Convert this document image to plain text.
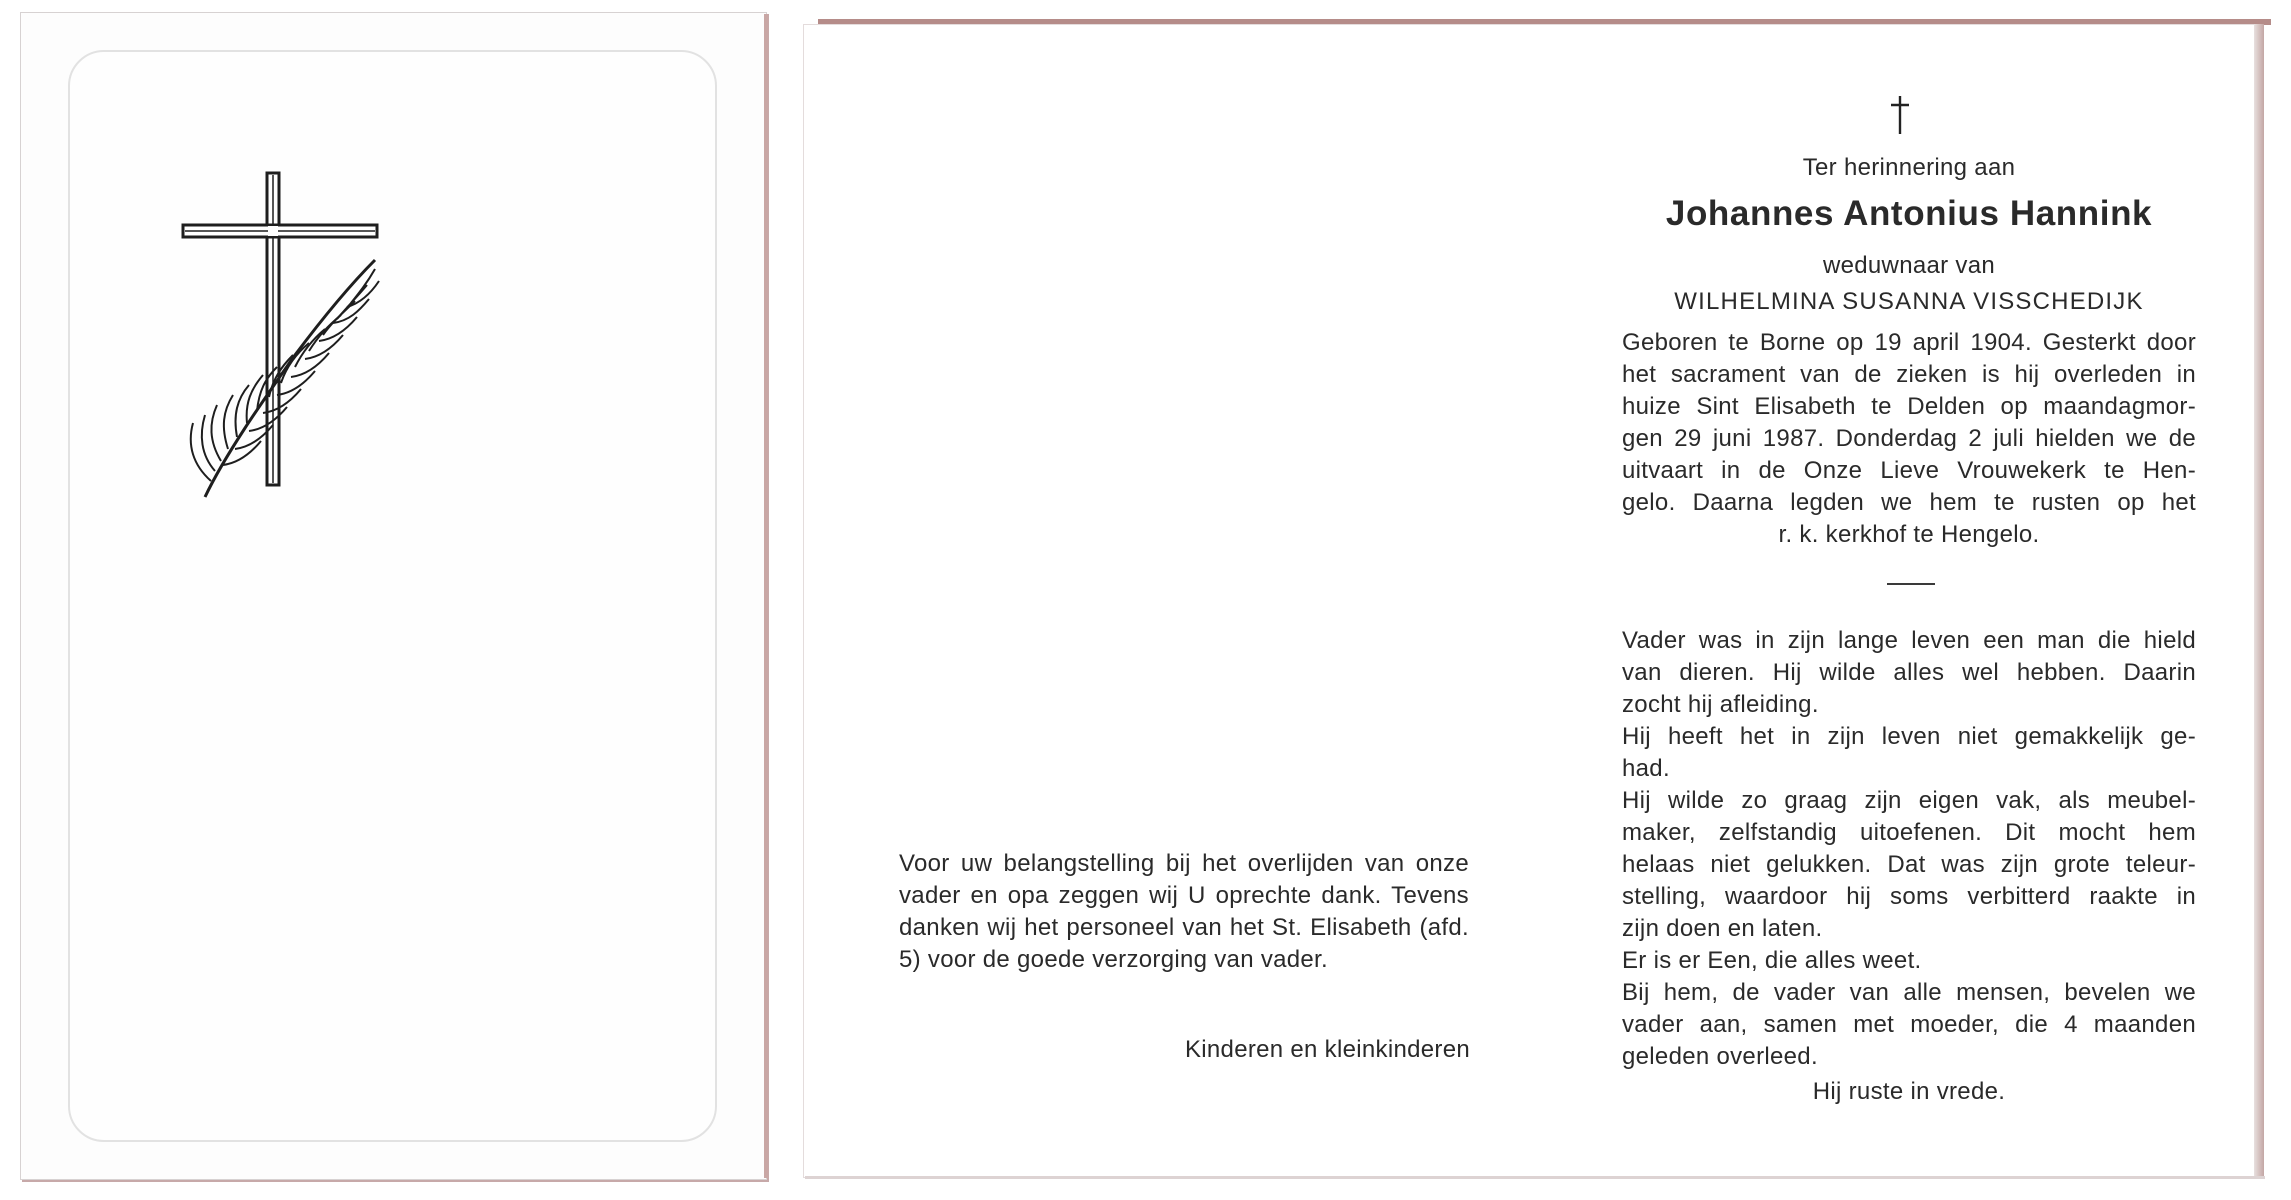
Voor uw belangstelling bij het overlijden van onze vader en opa zeggen wij U oprechte dank. Tevens danken wij het personeel van het St. Elisabeth (afd. 5) voor de goede verzorging van vader.
Kinderen en kleinkinderen
Ter herinnering aan
Johannes Antonius Hannink
weduwnaar van
WILHELMINA SUSANNA VISSCHEDIJK
Geboren te Borne op 19 april 1904. Gesterkt door
het sacrament van de zieken is hij overleden in
huize Sint Elisabeth te Delden op maandagmor-
gen 29 juni 1987. Donderdag 2 juli hielden we de
uitvaart in de Onze Lieve Vrouwekerk te Hen-
gelo. Daarna legden we hem te rusten op het
r. k. kerkhof te Hengelo.
Vader was in zijn lange leven een man die hield
van dieren. Hij wilde alles wel hebben. Daarin
zocht hij afleiding.
Hij heeft het in zijn leven niet gemakkelijk ge-
had.
Hij wilde zo graag zijn eigen vak, als meubel-
maker, zelfstandig uitoefenen. Dit mocht hem
helaas niet gelukken. Dat was zijn grote teleur-
stelling, waardoor hij soms verbitterd raakte in
zijn doen en laten.
Er is er Een, die alles weet.
Bij hem, de vader van alle mensen, bevelen we
vader aan, samen met moeder, die 4 maanden
geleden overleed.
Hij ruste in vrede.
